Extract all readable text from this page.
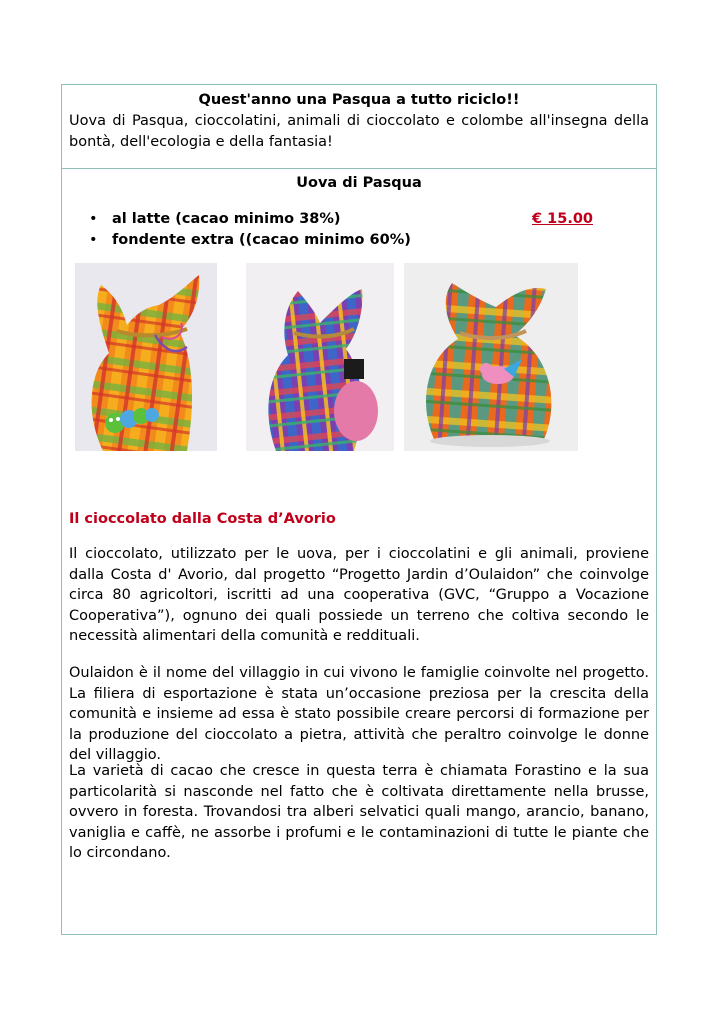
Quest'anno una Pasqua a tutto riciclo!!
Uova di Pasqua, cioccolatini, animali di cioccolato e colombe all'insegna della bontà, dell'ecologia e della fantasia!
Uova di Pasqua
• al latte (cacao minimo 38%)	€ 15.00
• fondente extra ((cacao minimo 60%)
Il cioccolato dalla Costa d’Avorio
Il cioccolato, utilizzato per le uova, per i cioccolatini e gli animali, proviene dalla Costa d' Avorio, dal progetto “Progetto Jardin d’Oulaidon” che coinvolge circa 80 agricoltori, iscritti ad una cooperativa (GVC, “Gruppo a Vocazione Cooperativa”), ognuno dei quali possiede un terreno che coltiva secondo le necessità alimentari della comunità e reddituali.
Oulaidon è il nome del villaggio in cui vivono le famiglie coinvolte nel progetto. La filiera di esportazione è stata un’occasione preziosa per la crescita della comunità e insieme ad essa è stato possibile creare percorsi di formazione per la produzione del cioccolato a pietra, attività che peraltro coinvolge le donne del villaggio.
La varietà di cacao che cresce in questa terra è chiamata Forastino e la sua particolarità si nasconde nel fatto che è coltivata direttamente nella brusse, ovvero in foresta. Trovandosi tra alberi selvatici quali mango, arancio, banano, vaniglia e caffè, ne assorbe i profumi e le contaminazioni di tutte le piante che lo circondano.
